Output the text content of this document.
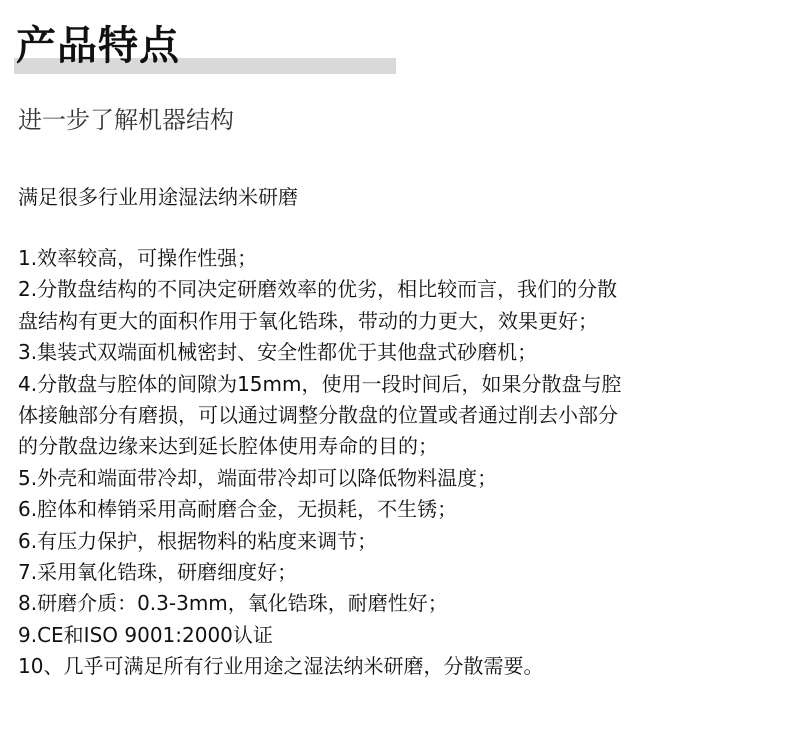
产品特点
进一步了解机器结构
满足很多行业用途湿法纳米研磨
1.效率较高，可操作性强；
2.分散盘结构的不同决定研磨效率的优劣，相比较而言，我们的分散
盘结构有更大的面积作用于氧化锆珠，带动的力更大，效果更好；
3.集装式双端面机械密封、安全性都优于其他盘式砂磨机；
4.分散盘与腔体的间隙为15mm，使用一段时间后，如果分散盘与腔
体接触部分有磨损，可以通过调整分散盘的位置或者通过削去小部分
的分散盘边缘来达到延长腔体使用寿命的目的；
5.外壳和端面带冷却，端面带冷却可以降低物料温度；
6.腔体和棒销采用高耐磨合金，无损耗，不生锈；
6.有压力保护，根据物料的粘度来调节；
7.采用氧化锆珠，研磨细度好；
8.研磨介质：0.3-3mm，氧化锆珠，耐磨性好；
9.CE和ISO 9001:2000认证
10、几乎可满足所有行业用途之湿法纳米研磨，分散需要。
